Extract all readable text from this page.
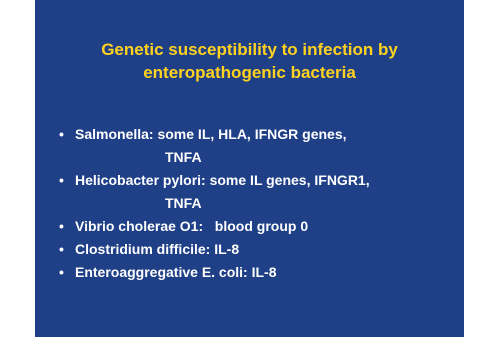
Genetic susceptibility to infection by
enteropathogenic bacteria
• Salmonella: some IL, HLA, IFNGR genes,
TNFA
• Helicobacter pylori: some IL genes, IFNGR1,
TNFA
• Vibrio cholerae O1:   blood group 0
• Clostridium difficile: IL-8
• Enteroaggregative E. coli: IL-8
